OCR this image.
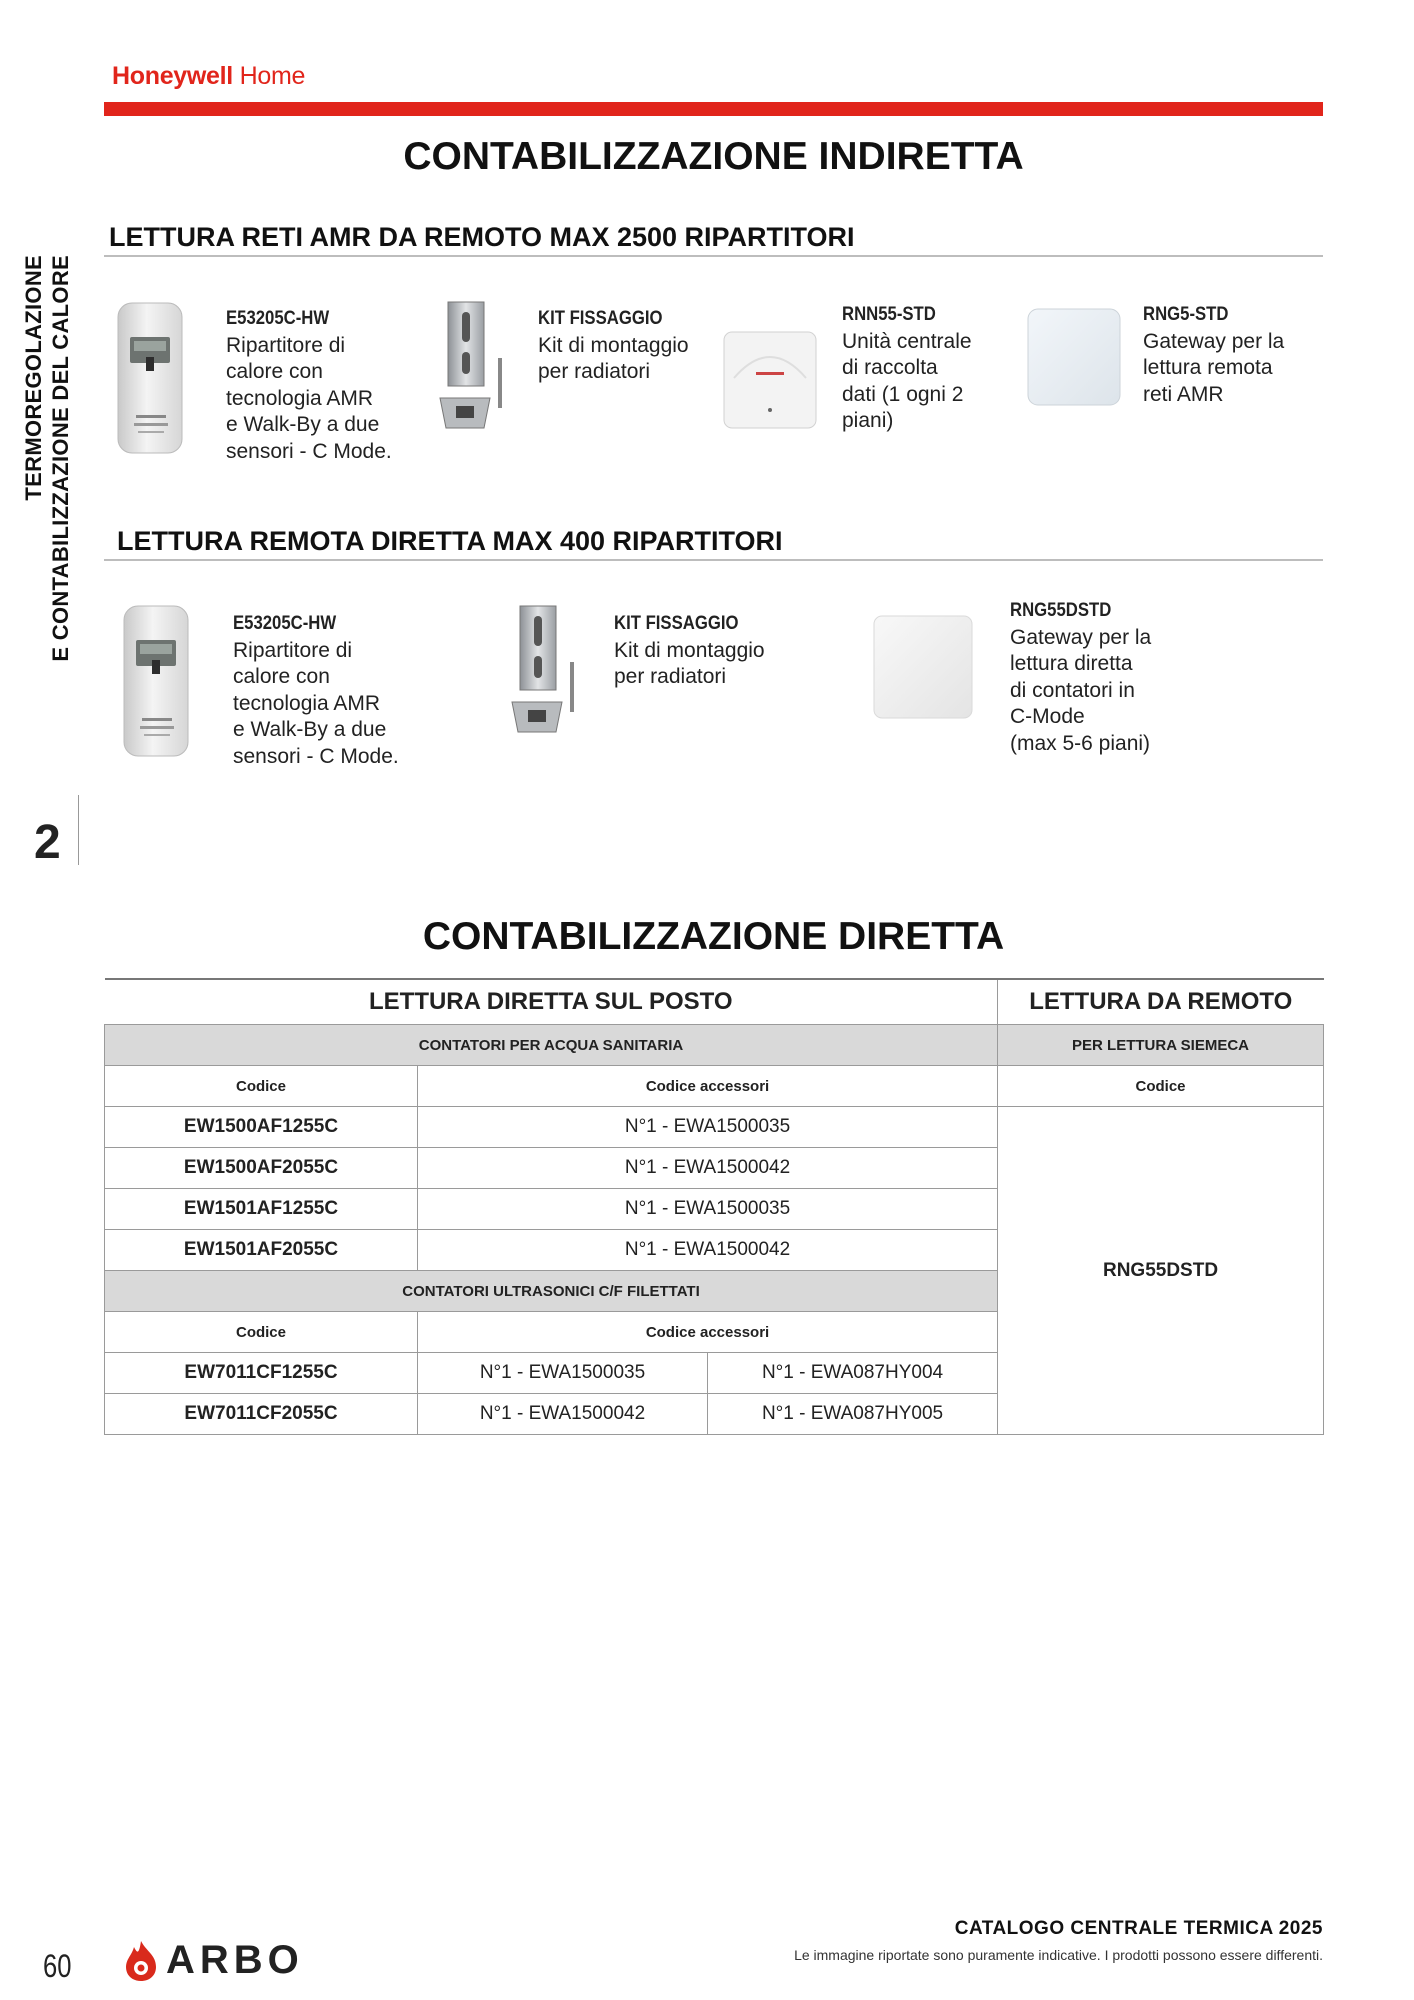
Honeywell Home
TERMOREGOLAZIONE E CONTABILIZZAZIONE DEL CALORE
2
CONTABILIZZAZIONE INDIRETTA
LETTURA RETI AMR DA REMOTO MAX 2500 RIPARTITORI
E53205C-HW
Ripartitore di
calore con
tecnologia AMR
e Walk-By a due
sensori - C Mode.
KIT FISSAGGIO
Kit di montaggio
per radiatori
RNN55-STD
Unità centrale
di raccolta
dati (1 ogni 2
piani)
RNG5-STD
Gateway per la
lettura remota
reti AMR
LETTURA REMOTA DIRETTA MAX 400 RIPARTITORI
E53205C-HW
Ripartitore di
calore con
tecnologia AMR
e Walk-By a due
sensori - C Mode.
KIT FISSAGGIO
Kit di montaggio
per radiatori
RNG55DSTD
Gateway per la
lettura diretta
di contatori in
C-Mode
(max 5-6 piani)
CONTABILIZZAZIONE DIRETTA
LETTURA DIRETTA SUL POSTO			LETTURA DA REMOTO
CONTATORI PER ACQUA SANITARIA			PER LETTURA SIEMECA
Codice	Codice accessori		Codice
EW1500AF1255C	N°1 - EWA1500035		RNG55DSTD
EW1500AF2055C	N°1 - EWA1500042		
EW1501AF1255C	N°1 - EWA1500035		
EW1501AF2055C	N°1 - EWA1500042		
CONTATORI ULTRASONICI C/F FILETTATI			
Codice	Codice accessori		
EW7011CF1255C	N°1 - EWA1500035	N°1 - EWA087HY004	
EW7011CF2055C	N°1 - EWA1500042	N°1 - EWA087HY005	
60 ARBO
CATALOGO CENTRALE TERMICA 2025
Le immagine riportate sono puramente indicative. I prodotti possono essere differenti.
